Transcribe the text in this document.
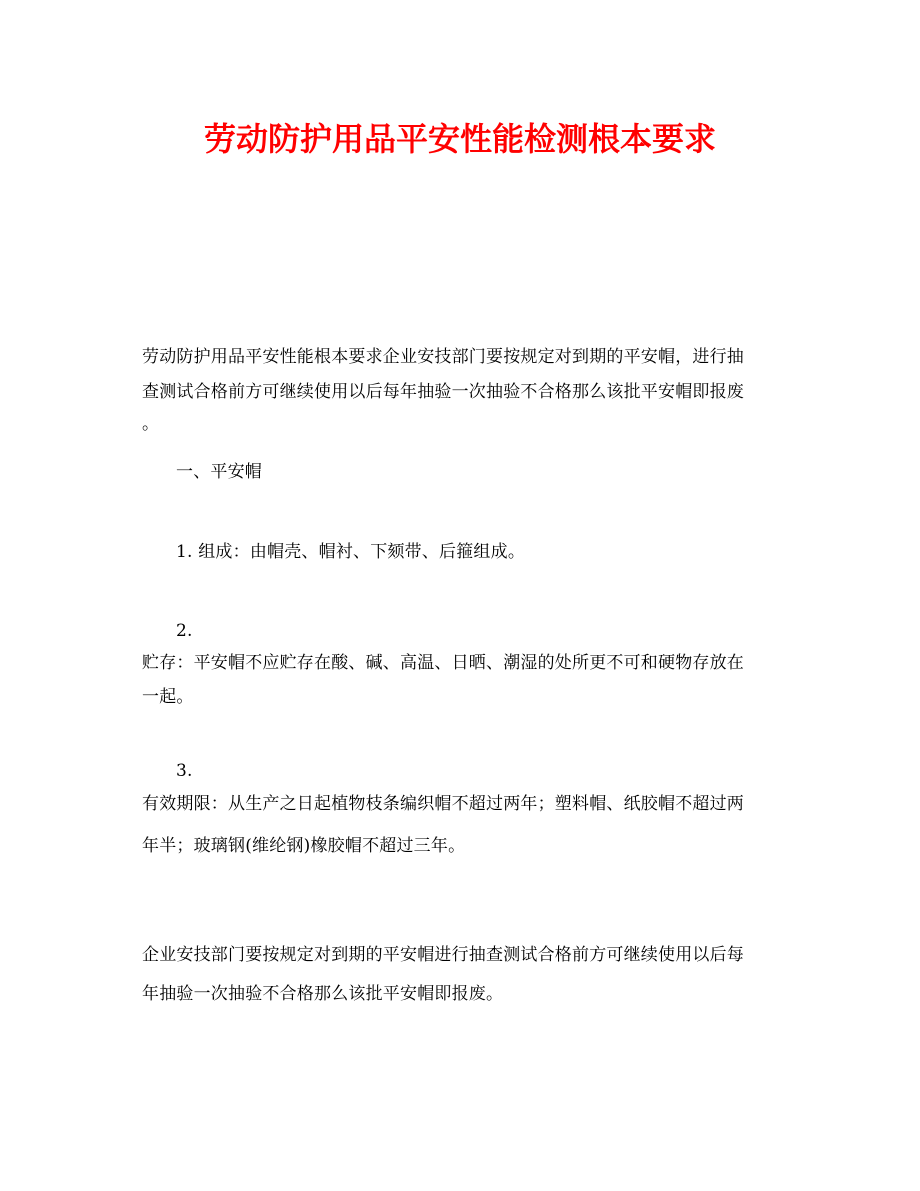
劳动防护用品平安性能检测根本要求
劳动防护用品平安性能根本要求企业安技部门要按规定对到期的平安帽，进行抽
查测试合格前方可继续使用以后每年抽验一次抽验不合格那么该批平安帽即报废
。
一、平安帽
1. 组成：由帽壳、帽衬、下颏带、后箍组成。
2.
贮存：平安帽不应贮存在酸、碱、高温、日晒、潮湿的处所更不可和硬物存放在
一起。
3.
有效期限：从生产之日起植物枝条编织帽不超过两年；塑料帽、纸胶帽不超过两
年半；玻璃钢(维纶钢)橡胶帽不超过三年。
企业安技部门要按规定对到期的平安帽进行抽查测试合格前方可继续使用以后每
年抽验一次抽验不合格那么该批平安帽即报废。
